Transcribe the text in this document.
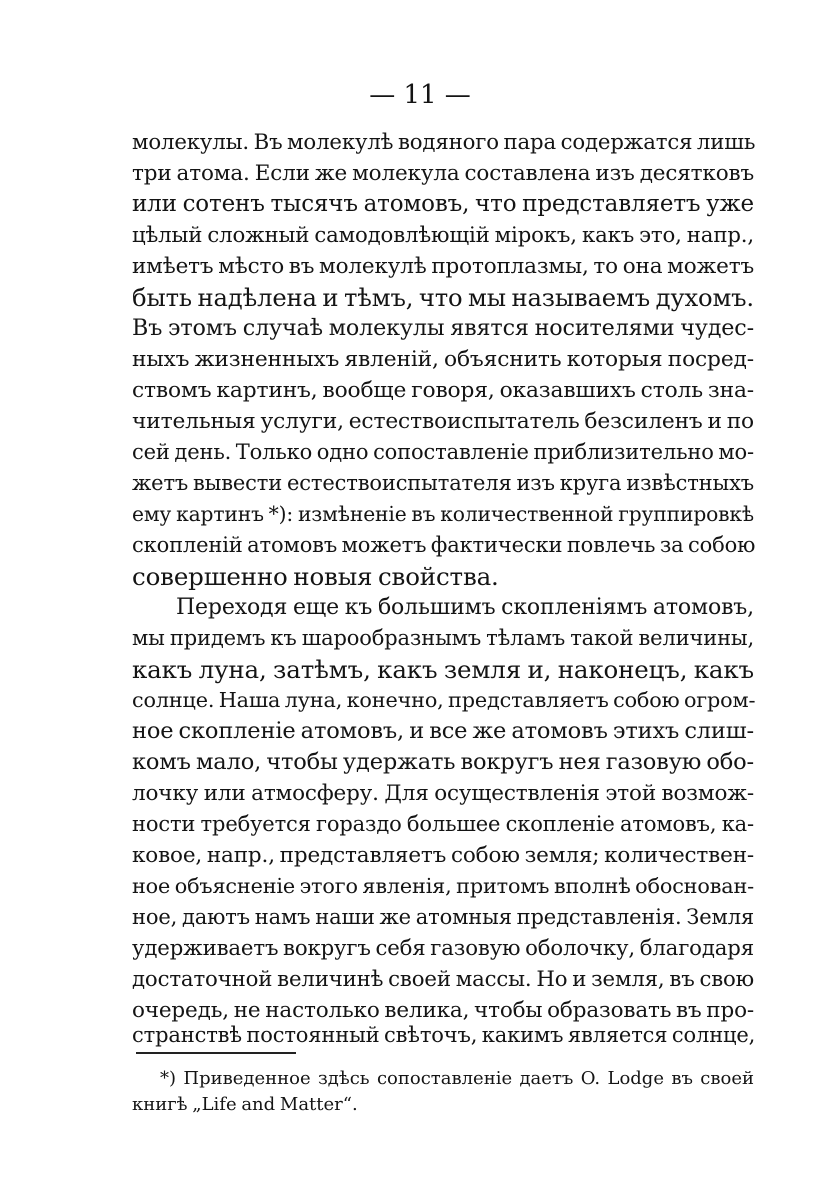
— 11 —
молекулы. Въ молекулѣ водяного пара содержатся лишь
три атома. Если же молекула составлена изъ десятковъ
или сотенъ тысячъ атомовъ, что представляетъ уже
цѣлый сложный самодовлѣющій мірокъ, какъ это, напр.,
имѣетъ мѣсто въ молекулѣ протоплазмы, то она можетъ
быть надѣлена и тѣмъ, что мы называемъ духомъ.
Въ этомъ случаѣ молекулы явятся носителями чудес-
ныхъ жизненныхъ явленій, объяснить которыя посред-
ствомъ картинъ, вообще говоря, оказавшихъ столь зна-
чительныя услуги, естествоиспытатель безсиленъ и по
сей день. Только одно сопоставленіе приблизительно мо-
жетъ вывести естествоиспытателя изъ круга извѣстныхъ
ему картинъ *): измѣненіе въ количественной группировкѣ
скопленій атомовъ можетъ фактически повлечь за собою
совершенно новыя свойства.
Переходя еще къ большимъ скопленіямъ атомовъ,
мы придемъ къ шарообразнымъ тѣламъ такой величины,
какъ луна, затѣмъ, какъ земля и, наконецъ, какъ
солнце. Наша луна, конечно, представляетъ собою огром-
ное скопленіе атомовъ, и все же атомовъ этихъ слиш-
комъ мало, чтобы удержать вокругъ нея газовую обо-
лочку или атмосферу. Для осуществленія этой возмож-
ности требуется гораздо большее скопленіе атомовъ, ка-
ковое, напр., представляетъ собою земля; количествен-
ное объясненіе этого явленія, притомъ вполнѣ обоснован-
ное, даютъ намъ наши же атомныя представленія. Земля
удерживаетъ вокругъ себя газовую оболочку, благодаря
достаточной величинѣ своей массы. Но и земля, въ свою
очередь, не настолько велика, чтобы образовать въ про-
странствѣ постоянный свѣточъ, какимъ является солнце,
*) Приведенное здѣсь сопоставленіе даетъ O. Lodge въ своей
книгѣ „Life and Matter“.
